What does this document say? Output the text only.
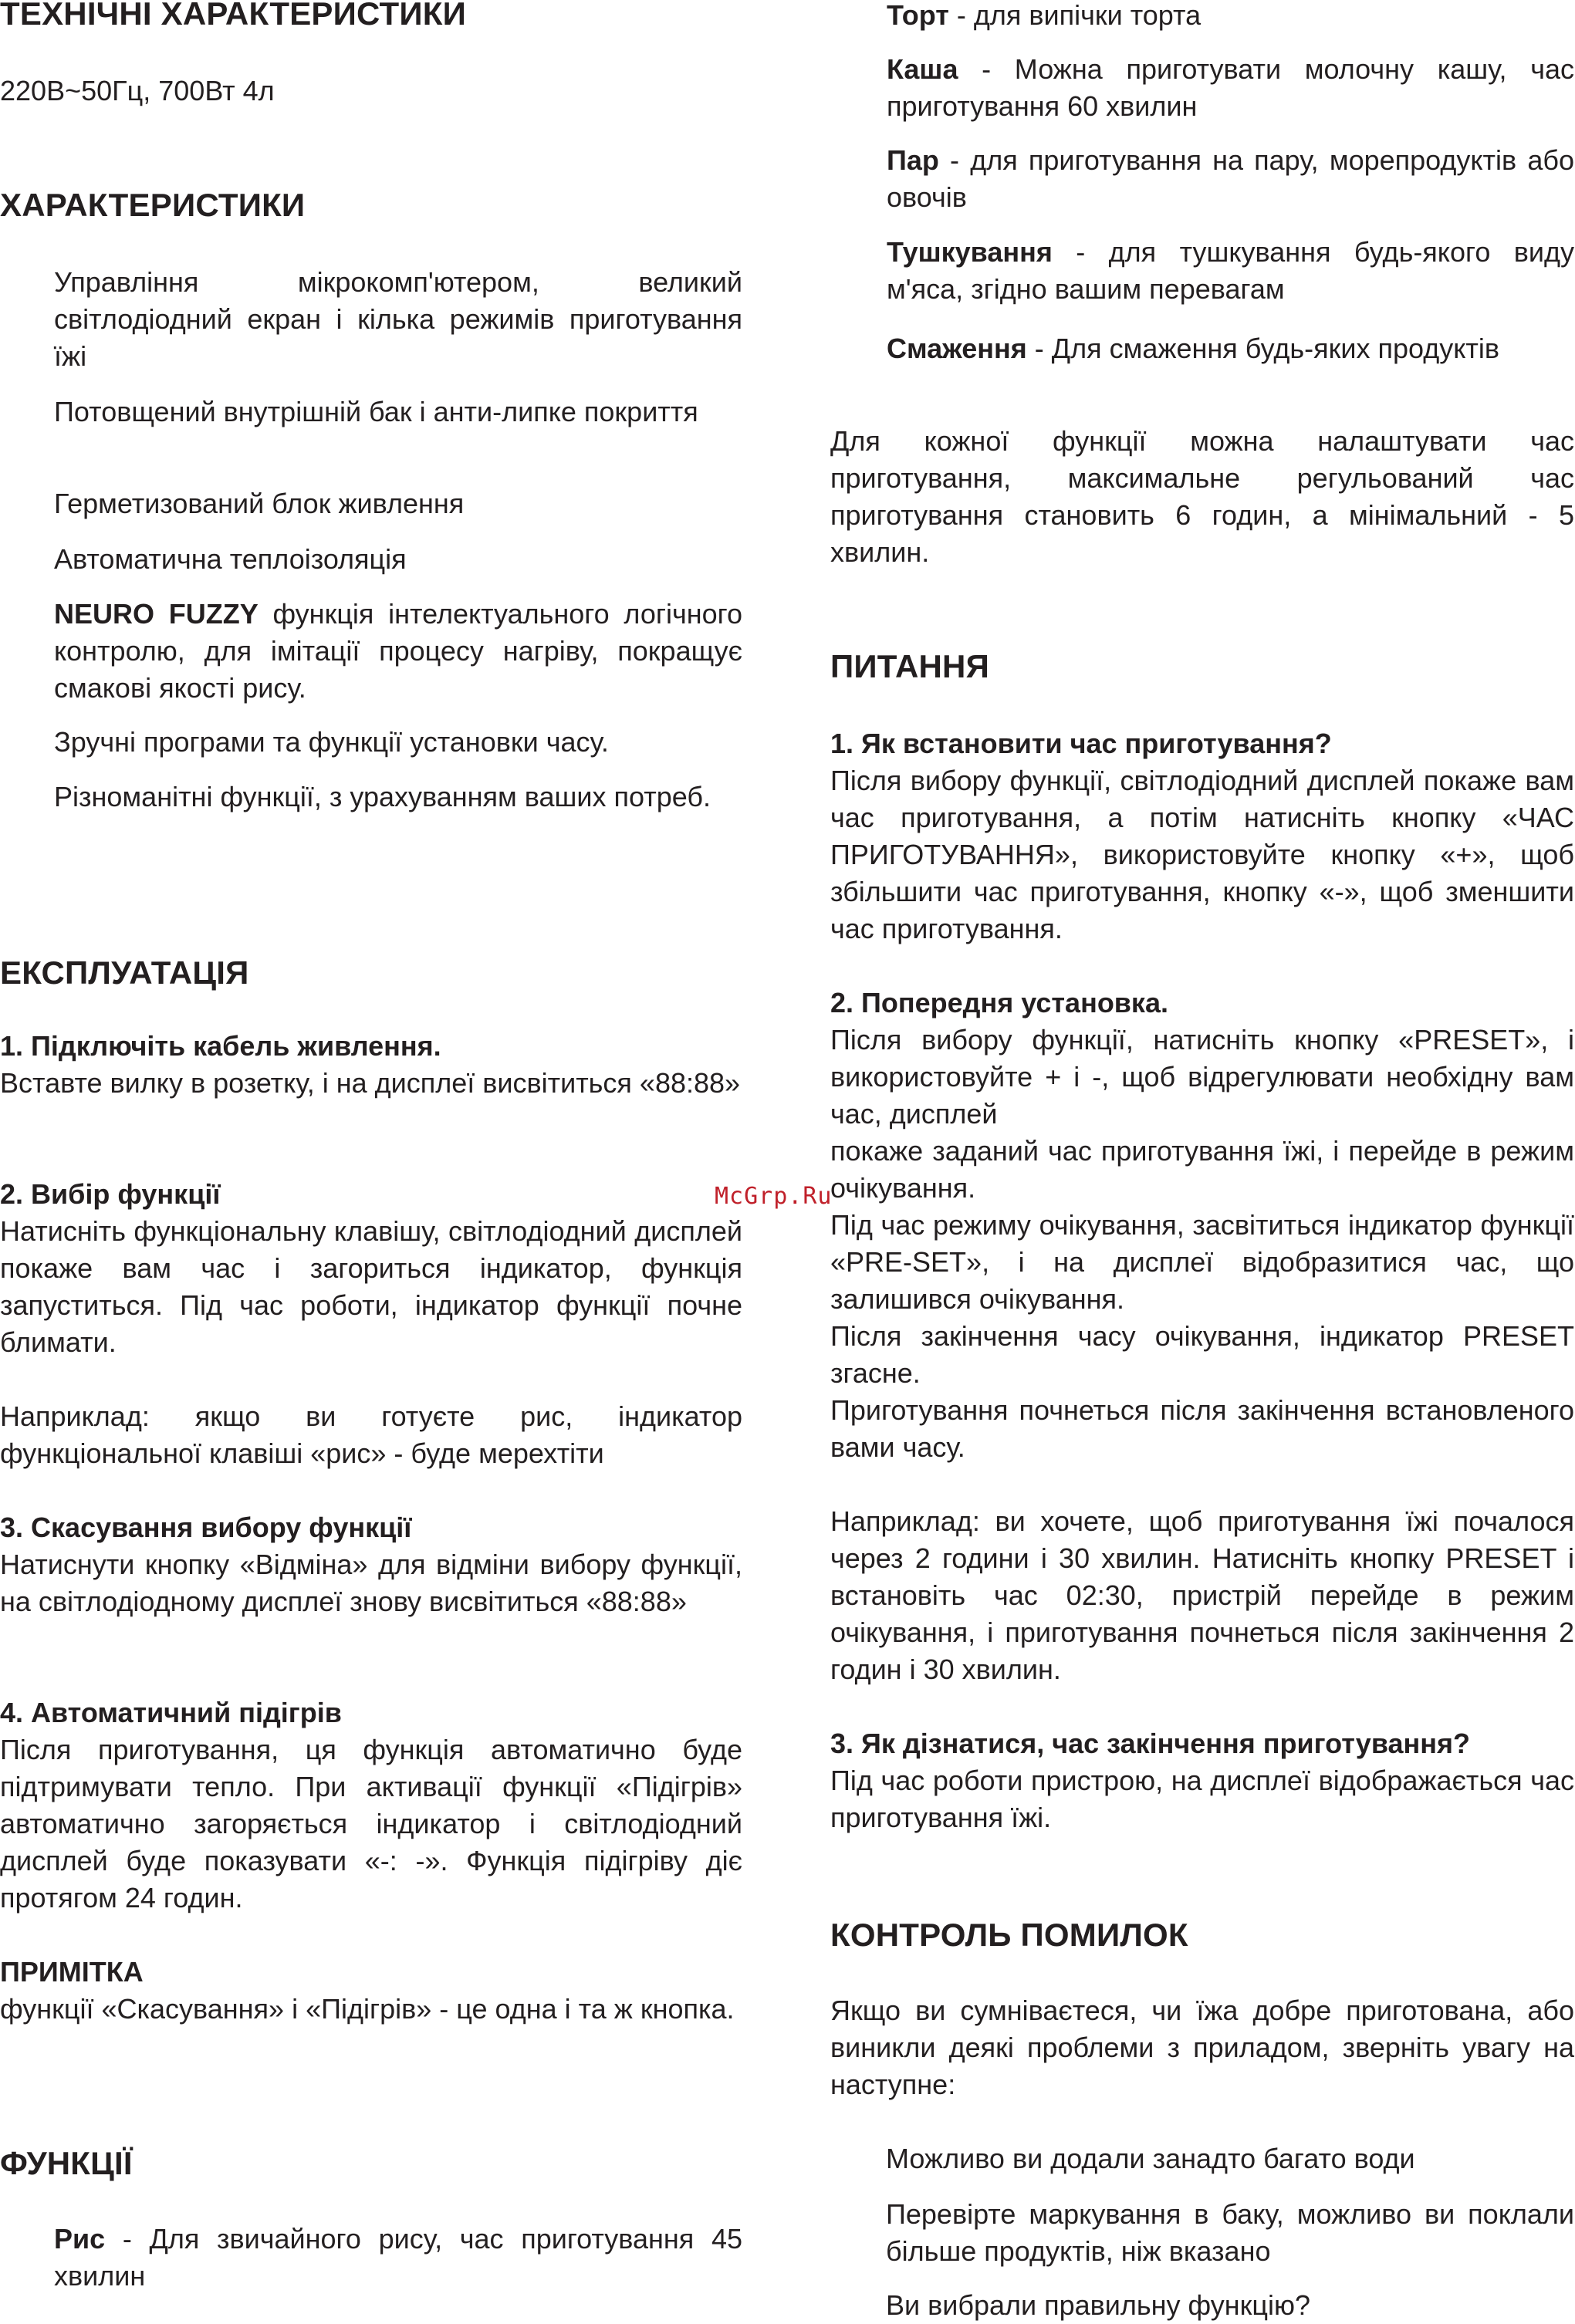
ТЕХНІЧНІ ХАРАКТЕРИСТИКИ

220В~50Гц, 700Вт 4л

ХАРАКТЕРИСТИКИ

Управління мікрокомп'ютером, великий світлодіодний екран і кілька режимів приготування їжі

Потовщений внутрішній бак і анти-липке покриття

Герметизований блок живлення

Автоматична теплоізоляція

NEURO FUZZY функція інтелектуального логічного контролю, для імітації процесу нагріву, покращує смакові якості рису.

Зручні програми та функції установки часу.

Різноманітні функції, з урахуванням ваших потреб.

ЕКСПЛУАТАЦІЯ
1. Підключіть кабель живлення.

Вставте вилку в розетку, і на дисплеї висвітиться «88:88»

2. Вибір функції

Натисніть функціональну клавішу, світлодіодний дисплей покаже вам час і загориться індикатор, функція запуститься. Під час роботи, індикатор функції почне блимати.

Наприклад: якщо ви готуєте рис, індикатор функціональної клавіші «рис» - буде мерехтіти

3. Скасування вибору функції

Натиснути кнопку «Відміна» для відміни вибору функції, на світлодіодному дисплеї знову висвітиться «88:88»

4. Автоматичний підігрів

Після приготування, ця функція автоматично буде підтримувати тепло. При активації функції «Підігрів» автоматично загоряється індикатор і світлодіодний дисплей буде показувати «-: -». Функція підігріву діє протягом 24 годин.

ПРИМІТКА

функції «Скасування» і «Підігрів» - це одна і та ж кнопка.

ФУНКЦІЇ

Рис - Для звичайного рису, час приготування 45 хвилин

McGrp.Ru

Торт - для випічки торта

Каша - Можна приготувати молочну кашу, час приготування 60 хвилин

Пар - для приготування на пару, морепродуктів або овочів

Тушкування - для тушкування будь-якого виду м'яса, згідно вашим перевагам

Смаження - Для смаження будь-яких продуктів

Для кожної функції можна налаштувати час приготування, максимальне регульований час приготування становить 6 годин, а мінімальний - 5 хвилин.

ПИТАННЯ
1. Як встановити час приготування?

Після вибору функції, світлодіодний дисплей покаже вам час приготування, а потім натисніть кнопку «ЧАС ПРИГОТУВАННЯ», використовуйте кнопку «+», щоб збільшити час приготування, кнопку «-», щоб зменшити час приготування.

2. Попередня установка.

Після вибору функції, натисніть кнопку «PRESET», і використовуйте + і -, щоб відрегулювати необхідну вам час, дисплей

покаже заданий час приготування їжі, і перейде в режим очікування.

Під час режиму очікування, засвітиться індикатор функції «PRE-SET», і на дисплеї відобразитися час, що залишився очікування.

Після закінчення часу очікування, індикатор PRESET згасне.

Приготування почнеться після закінчення встановленого вами часу.

Наприклад: ви хочете, щоб приготування їжі почалося через 2 години і 30 хвилин. Натисніть кнопку PRESET і встановіть час 02:30, пристрій перейде в режим очікування, і приготування почнеться після закінчення 2 годин і 30 хвилин.

3. Як дізнатися, час закінчення приготування?

Під час роботи пристрою, на дисплеї відображається час приготування їжі.

КОНТРОЛЬ ПОМИЛОК

Якщо ви сумніваєтеся, чи їжа добре приготована, або виникли деякі проблеми з приладом, зверніть увагу на наступне:

Можливо ви додали занадто багато води

Перевірте маркування в баку, можливо ви поклали більше продуктів, ніж вказано

Ви вибрали правильну функцію?
